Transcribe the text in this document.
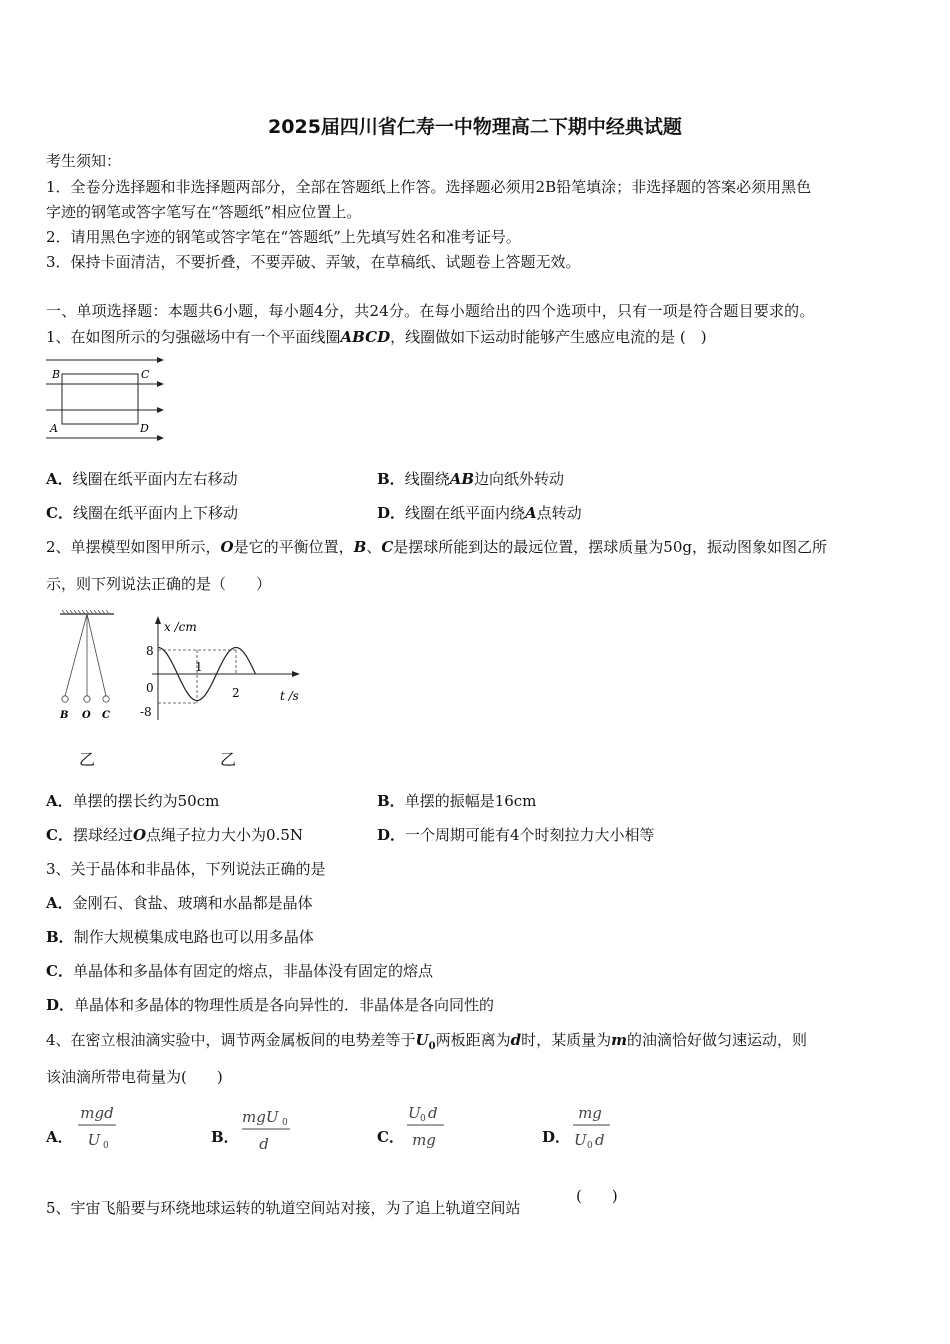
2025届四川省仁寿一中物理高二下期中经典试题
考生须知：
1．全卷分选择题和非选择题两部分，全部在答题纸上作答。选择题必须用2B铅笔填涂；非选择题的答案必须用黑色
字迹的钢笔或答字笔写在“答题纸”相应位置上。
2．请用黑色字迹的钢笔或答字笔在“答题纸”上先填写姓名和准考证号。
3．保持卡面清洁，不要折叠，不要弄破、弄皱，在草稿纸、试题卷上答题无效。
一、单项选择题：本题共6小题，每小题4分，共24分。在每小题给出的四个选项中，只有一项是符合题目要求的。
1、在如图所示的匀强磁场中有一个平面线圈ABCD，线圈做如下运动时能够产生感应电流的是 (　)
B	C
A	D
A．线圈在纸平面内左右移动	B．线圈绕AB边向纸外转动
C．线圈在纸平面内上下移动	D．线圈在纸平面内绕A点转动
2、单摆模型如图甲所示，O是它的平衡位置，B、C是摆球所能到达的最远位置，摆球质量为50g，振动图象如图乙所
示，则下列说法正确的是（　　）
B O C
乙
x /cm
8
0
-8
1
2	t /s
乙
A．单摆的摆长约为50cm	B．单摆的振幅是16cm
C．摆球经过O点绳子拉力大小为0.5N	D．一个周期可能有4个时刻拉力大小相等
3、关于晶体和非晶体，下列说法正确的是
A．金刚石、食盐、玻璃和水晶都是晶体
B．制作大规模集成电路也可以用多晶体
C．单晶体和多晶体有固定的熔点，非晶体没有固定的熔点
D．单晶体和多晶体的物理性质是各向异性的．非晶体是各向同性的
4、在密立根油滴实验中，调节两金属板间的电势差等于$U_0$两板距离为d时，某质量为m的油滴恰好做匀速运动，则
该油滴所带电荷量为(　　)
A．
mgd
U 0	B．
mgU 0
d	C．
U 0 d
mg	D．
mg
U 0 d
5、宇宙飞船要与环绕地球运转的轨道空间站对接，为了追上轨道空间站
(　　)
